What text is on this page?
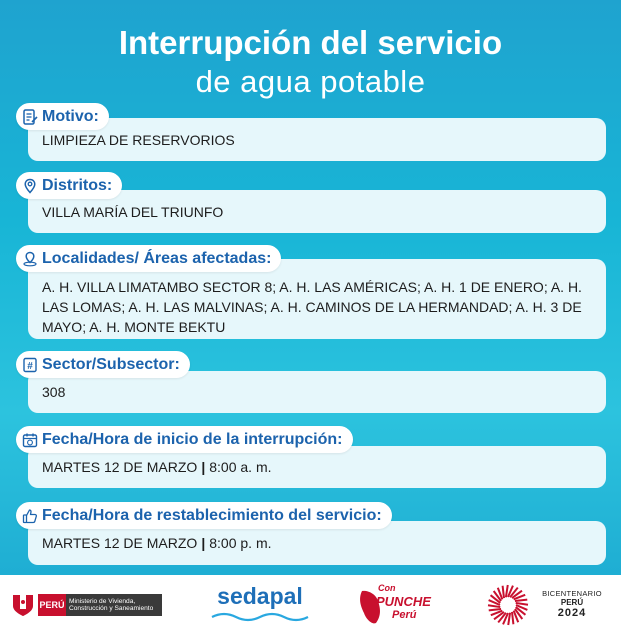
Interrupción del servicio
de agua potable
Motivo:
LIMPIEZA DE RESERVORIOS
Distritos:
VILLA MARÍA DEL TRIUNFO
Localidades/ Áreas afectadas:
A. H. VILLA LIMATAMBO SECTOR 8; A. H. LAS AMÉRICAS; A. H. 1 DE ENERO; A. H. LAS LOMAS; A. H. LAS MALVINAS; A. H. CAMINOS DE LA HERMANDAD; A. H. 3 DE MAYO; A. H. MONTE BEKTU
# Sector/Subsector:
308
Fecha/Hora de inicio de la interrupción:
MARTES 12 DE MARZO | 8:00 a. m.
Fecha/Hora de restablecimiento del servicio:
MARTES 12 DE MARZO | 8:00 p. m.
PERÚ Ministerio de Vivienda, Construcción y Saneamiento	sedapal	Con
PUNCHE
Perú
BICENTENARIO
PERÚ
2024
